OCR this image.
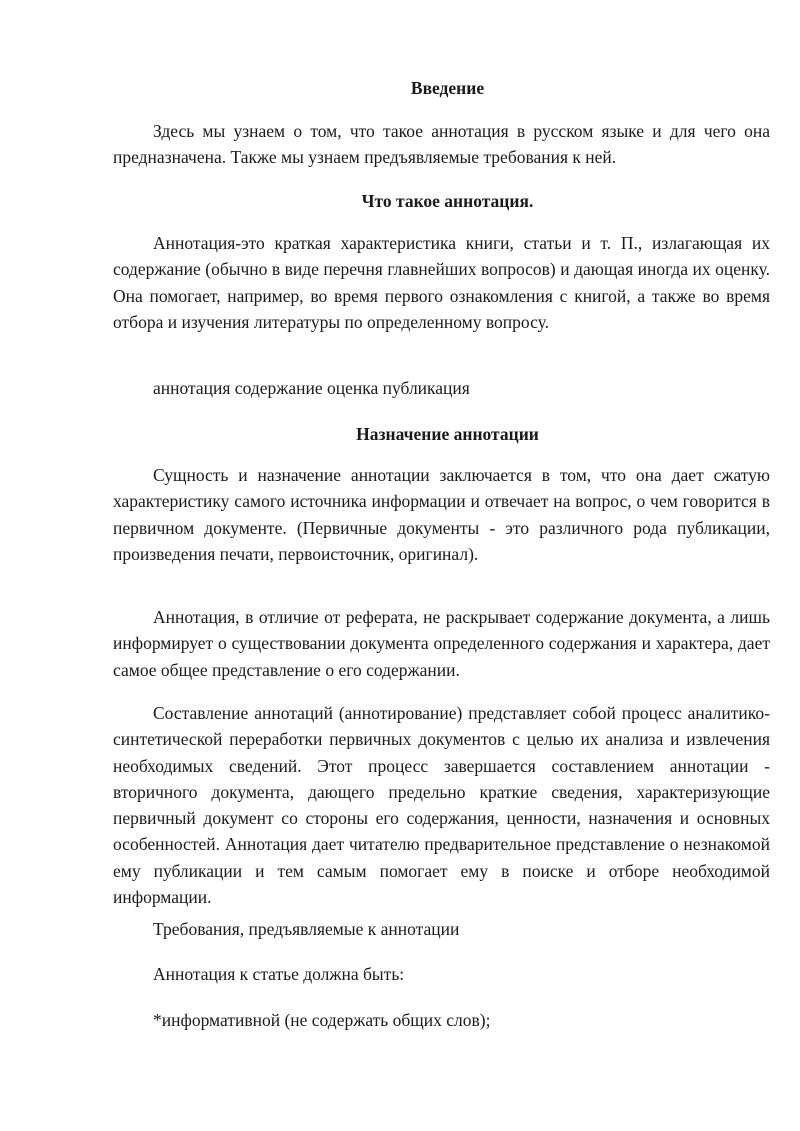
Введение

Здесь мы узнаем о том, что такое аннотация в русском языке и для чего она предназначена. Также мы узнаем предъявляемые требования к ней.

Что такое аннотация.

Аннотация-это краткая характеристика книги, статьи и т. П., излагающая их содержание (обычно в виде перечня главнейших вопросов) и дающая иногда их оценку. Она помогает, например, во время первого ознакомления с книгой, а также во время отбора и изучения литературы по определенному вопросу.

аннотация содержание оценка публикация

Назначение аннотации

Сущность и назначение аннотации заключается в том, что она дает сжатую характеристику самого источника информации и отвечает на вопрос, о чем говорится в первичном документе. (Первичные документы - это различного рода публикации, произведения печати, первоисточник, оригинал).

Аннотация, в отличие от реферата, не раскрывает содержание документа, а лишь информирует о существовании документа определенного содержания и характера, дает самое общее представление о его содержании.

Составление аннотаций (аннотирование) представляет собой процесс аналитико-синтетической переработки первичных документов с целью их анализа и извлечения необходимых сведений. Этот процесс завершается составлением аннотации - вторичного документа, дающего предельно краткие сведения, характеризующие первичный документ со стороны его содержания, ценности, назначения и основных особенностей. Аннотация дает читателю предварительное представление о незнакомой ему публикации и тем самым помогает ему в поиске и отборе необходимой информации.

Требования, предъявляемые к аннотации

Аннотация к статье должна быть:

*информативной (не содержать общих слов);
